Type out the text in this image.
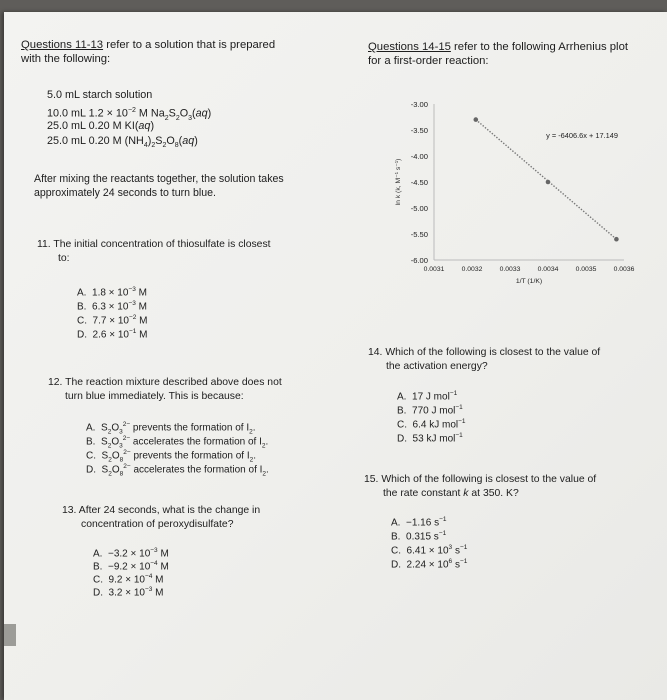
Questions 11-13 refer to a solution that is prepared
with the following:
5.0 mL starch solution
10.0 mL $1.2 \times 10^{-2}$ M $Na_2S_2O_3(aq)$
25.0 mL 0.20 M KI(aq)
25.0 mL 0.20 M $(NH_4)_2S_2O_8(aq)$
After mixing the reactants together, the solution takes
approximately 24 seconds to turn blue.
11. The initial concentration of thiosulfate is closest
to:
A.  $1.8 \times 10^{-3}$ M
B.  $6.3 \times 10^{-3}$ M
C.  $7.7 \times 10^{-2}$ M
D.  $2.6 \times 10^{-1}$ M
12. The reaction mixture described above does not
turn blue immediately. This is because:
A.  $S_2O_3^{2-}$ prevents the formation of $I_2$.
B.  $S_2O_3^{2-}$ accelerates the formation of $I_2$.
C.  $S_2O_8^{2-}$ prevents the formation of $I_2$.
D.  $S_2O_8^{2-}$ accelerates the formation of $I_2$.
13. After 24 seconds, what is the change in
concentration of peroxydisulfate?
A.  $-3.2 \times 10^{-3}$ M
B.  $-9.2 \times 10^{-4}$ M
C.  $9.2 \times 10^{-4}$ M
D.  $3.2 \times 10^{-3}$ M
Questions 14-15 refer to the following Arrhenius plot
for a first-order reaction:
-3.00
-3.50
-4.00
-4.50
-5.00
-5.50
-6.00
0.0031	0.0032	0.0033	0.0034	0.0035	0.0036
1/T (1/K)
ln k (k, M⁻¹ s⁻¹)
y = -6406.6x + 17.149
14. Which of the following is closest to the value of
the activation energy?
A.  17 J mol$^{-1}$
B.  770 J mol$^{-1}$
C.  6.4 kJ mol$^{-1}$
D.  53 kJ mol$^{-1}$
15. Which of the following is closest to the value of
the rate constant k at 350. K?
A.  −1.16 $s^{-1}$
B.  0.315 $s^{-1}$
C.  $6.41 \times 10^3$ $s^{-1}$
D.  $2.24 \times 10^6$ $s^{-1}$
